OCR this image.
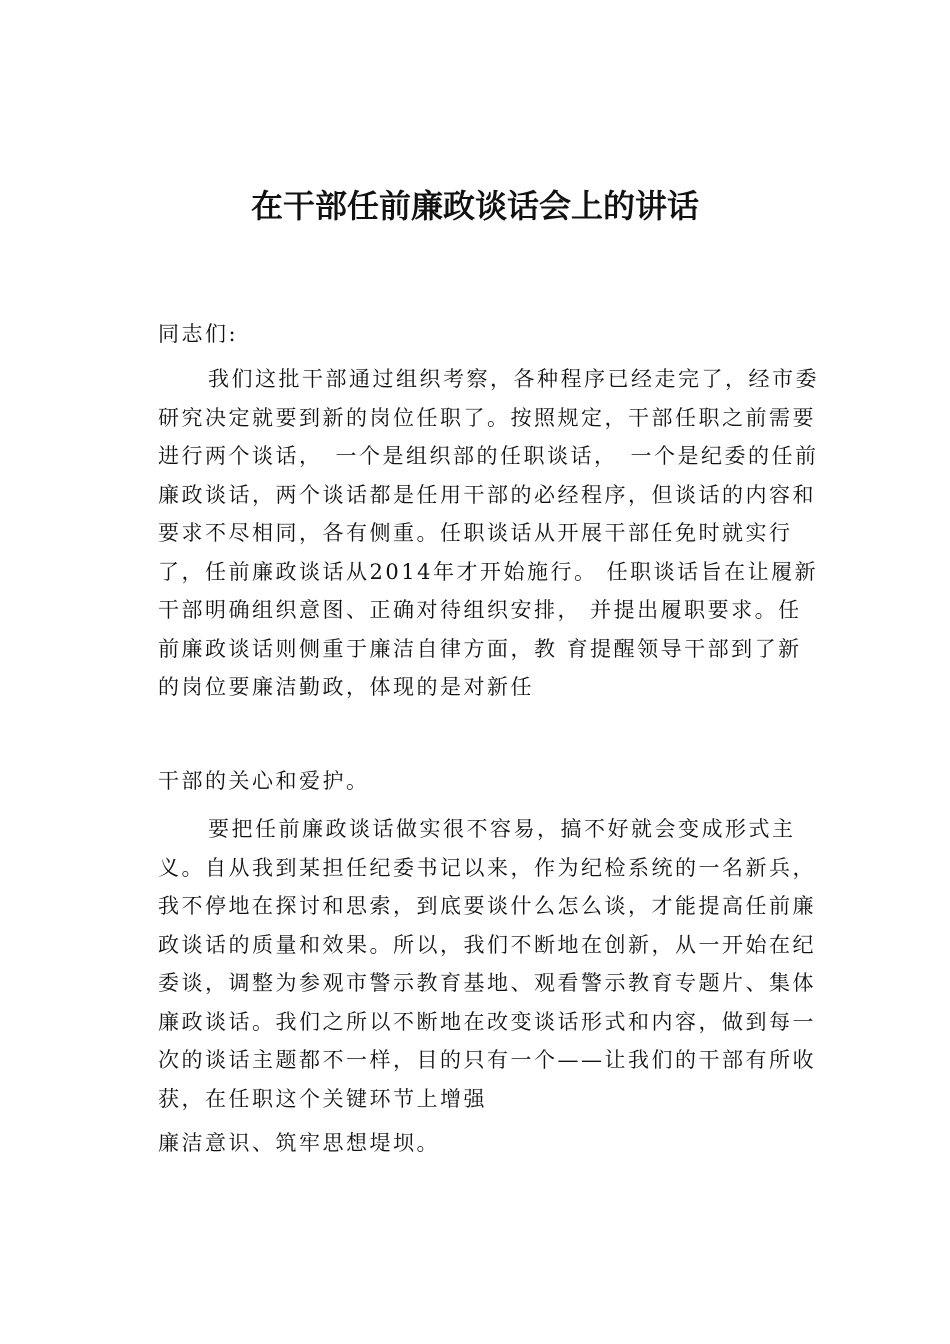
在干部任前廉政谈话会上的讲话

同志们:

我们这批干部通过组织考察，各种程序已经走完了，经市委研究决定就要到新的岗位任职了。按照规定，干部任职之前需要进行两个谈话，　一个是组织部的任职谈话，　一个是纪委的任前廉政谈话，两个谈话都是任用干部的必经程序，但谈话的内容和要求不尽相同，各有侧重。任职谈话从开展干部任免时就实行了，任前廉政谈话从2014年才开始施行。 任职谈话旨在让履新干部明确组织意图、正确对待组织安排， 并提出履职要求。任前廉政谈话则侧重于廉洁自律方面，教 育提醒领导干部到了新的岗位要廉洁勤政，体现的是对新任

干部的关心和爱护。

要把任前廉政谈话做实很不容易，搞不好就会变成形式主义。自从我到某担任纪委书记以来，作为纪检系统的一名新兵，我不停地在探讨和思索，到底要谈什么怎么谈，才能提高任前廉政谈话的质量和效果。所以，我们不断地在创新，从一开始在纪委谈，调整为参观市警示教育基地、观看警示教育专题片、集体廉政谈话。我们之所以不断地在改变谈话形式和内容，做到每一次的谈话主题都不一样，目的只有一个——让我们的干部有所收获，在任职这个关键环节上增强

廉洁意识、筑牢思想堤坝。
